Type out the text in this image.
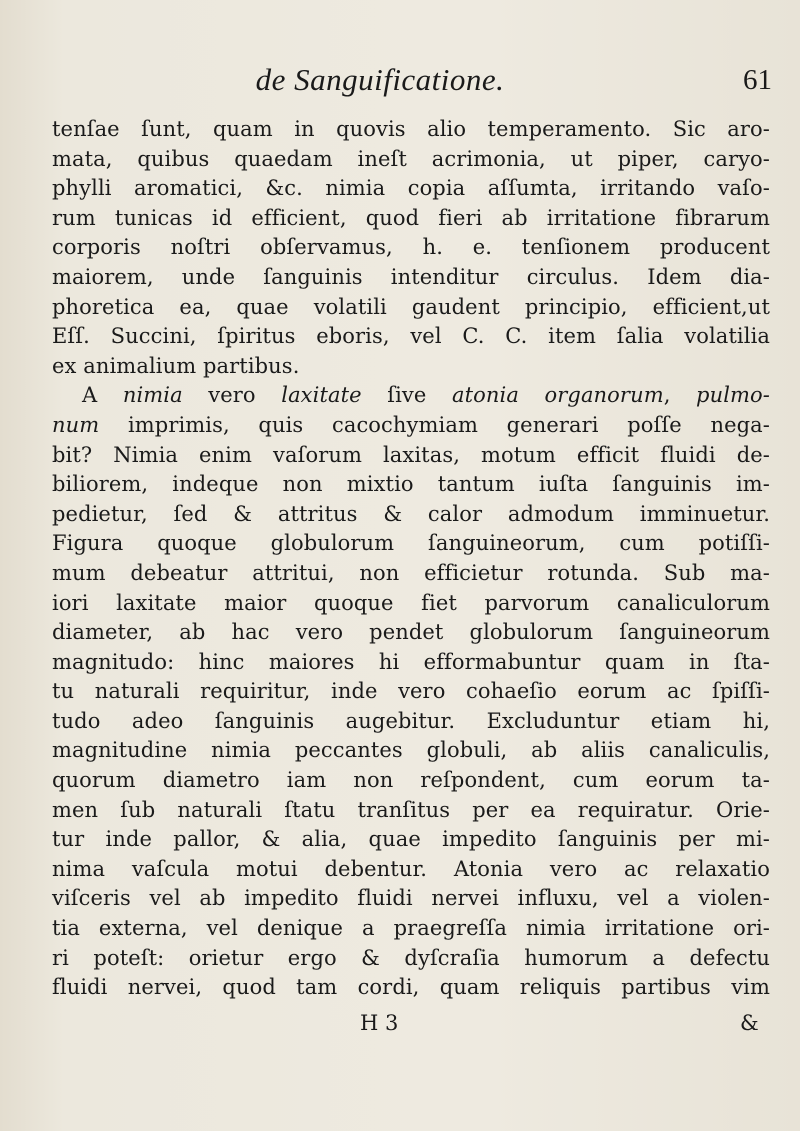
de Sanguificatione.	61
tenſae ſunt, quam in quovis alio temperamento. Sic aro-
mata, quibus quaedam ineſt acrimonia, ut piper, caryo-
phylli aromatici, &c. nimia copia aſſumta, irritando vaſo-
rum tunicas id efficient, quod fieri ab irritatione fibrarum
corporis noſtri obſervamus, h. e. tenſionem producent
maiorem, unde ſanguinis intenditur circulus. Idem dia-
phoretica ea, quae volatili gaudent principio, efficient,ut
Eſſ. Succini, ſpiritus eboris, vel C. C. item ſalia volatilia
ex animalium partibus.
A nimia vero laxitate ſive atonia organorum, pulmo-
num imprimis, quis cacochymiam generari poſſe nega-
bit? Nimia enim vaſorum laxitas, motum efficit fluidi de-
biliorem, indeque non mixtio tantum iuſta ſanguinis im-
pedietur, ſed & attritus & calor admodum imminuetur.
Figura quoque globulorum ſanguineorum, cum potiſſi-
mum debeatur attritui, non efficietur rotunda. Sub ma-
iori laxitate maior quoque fiet parvorum canaliculorum
diameter, ab hac vero pendet globulorum ſanguineorum
magnitudo: hinc maiores hi efformabuntur quam in ſta-
tu naturali requiritur, inde vero cohaeſio eorum ac ſpiſſi-
tudo adeo ſanguinis augebitur. Excluduntur etiam hi,
magnitudine nimia peccantes globuli, ab aliis canaliculis,
quorum diametro iam non reſpondent, cum eorum ta-
men ſub naturali ſtatu tranſitus per ea requiratur. Orie-
tur inde pallor, & alia, quae impedito ſanguinis per mi-
nima vaſcula motui debentur. Atonia vero ac relaxatio
viſceris vel ab impedito fluidi nervei influxu, vel a violen-
tia externa, vel denique a praegreſſa nimia irritatione ori-
ri poteſt: orietur ergo & dyſcraſia humorum a defectu
fluidi nervei, quod tam cordi, quam reliquis partibus vim
H 3	&
